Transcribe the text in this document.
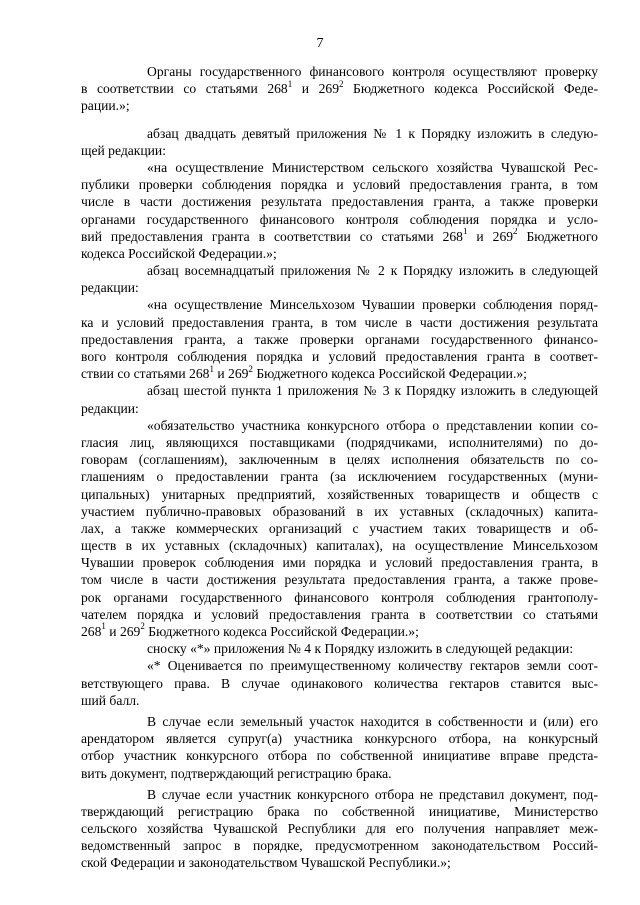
7
Органы государственного финансового контроля осуществляют проверку
в соответствии со статьями $268^1$ и $269^2$ Бюджетного кодекса Российской Феде-
рации.»;
абзац двадцать девятый приложения № 1 к Порядку изложить в следую-
щей редакции:
«на осуществление Министерством сельского хозяйства Чувашской Рес-
публики проверки соблюдения порядка и условий предоставления гранта, в том
числе в части достижения результата предоставления гранта, а также проверки
органами государственного финансового контроля соблюдения порядка и усло-
вий предоставления гранта в соответствии со статьями $268^1$ и $269^2$ Бюджетного
кодекса Российской Федерации.»;
абзац восемнадцатый приложения № 2 к Порядку изложить в следующей
редакции:
«на осуществление Минсельхозом Чувашии проверки соблюдения поряд-
ка и условий предоставления гранта, в том числе в части достижения результата
предоставления гранта, а также проверки органами государственного финансо-
вого контроля соблюдения порядка и условий предоставления гранта в соответ-
ствии со статьями $268^1$ и $269^2$ Бюджетного кодекса Российской Федерации.»;
абзац шестой пункта 1 приложения № 3 к Порядку изложить в следующей
редакции:
«обязательство участника конкурсного отбора о представлении копии со-
гласия лиц, являющихся поставщиками (подрядчиками, исполнителями) по до-
говорам (соглашениям), заключенным в целях исполнения обязательств по со-
глашениям о предоставлении гранта (за исключением государственных (муни-
ципальных) унитарных предприятий, хозяйственных товариществ и обществ с
участием публично-правовых образований в их уставных (складочных) капита-
лах, а также коммерческих организаций с участием таких товариществ и об-
ществ в их уставных (складочных) капиталах), на осуществление Минсельхозом
Чувашии проверок соблюдения ими порядка и условий предоставления гранта, в
том числе в части достижения результата предоставления гранта, а также прове-
рок органами государственного финансового контроля соблюдения грантополу-
чателем порядка и условий предоставления гранта в соответствии со статьями
$268^1$ и $269^2$ Бюджетного кодекса Российской Федерации.»;
сноску «*» приложения № 4 к Порядку изложить в следующей редакции:
«* Оценивается по преимущественному количеству гектаров земли соот-
ветствующего права. В случае одинакового количества гектаров ставится выс-
ший балл.
В случае если земельный участок находится в собственности и (или) его
арендатором является супруг(а) участника конкурсного отбора, на конкурсный
отбор участник конкурсного отбора по собственной инициативе вправе предста-
вить документ, подтверждающий регистрацию брака.
В случае если участник конкурсного отбора не представил документ, под-
тверждающий регистрацию брака по собственной инициативе, Министерство
сельского хозяйства Чувашской Республики для его получения направляет меж-
ведомственный запрос в порядке, предусмотренном законодательством Россий-
ской Федерации и законодательством Чувашской Республики.»;
